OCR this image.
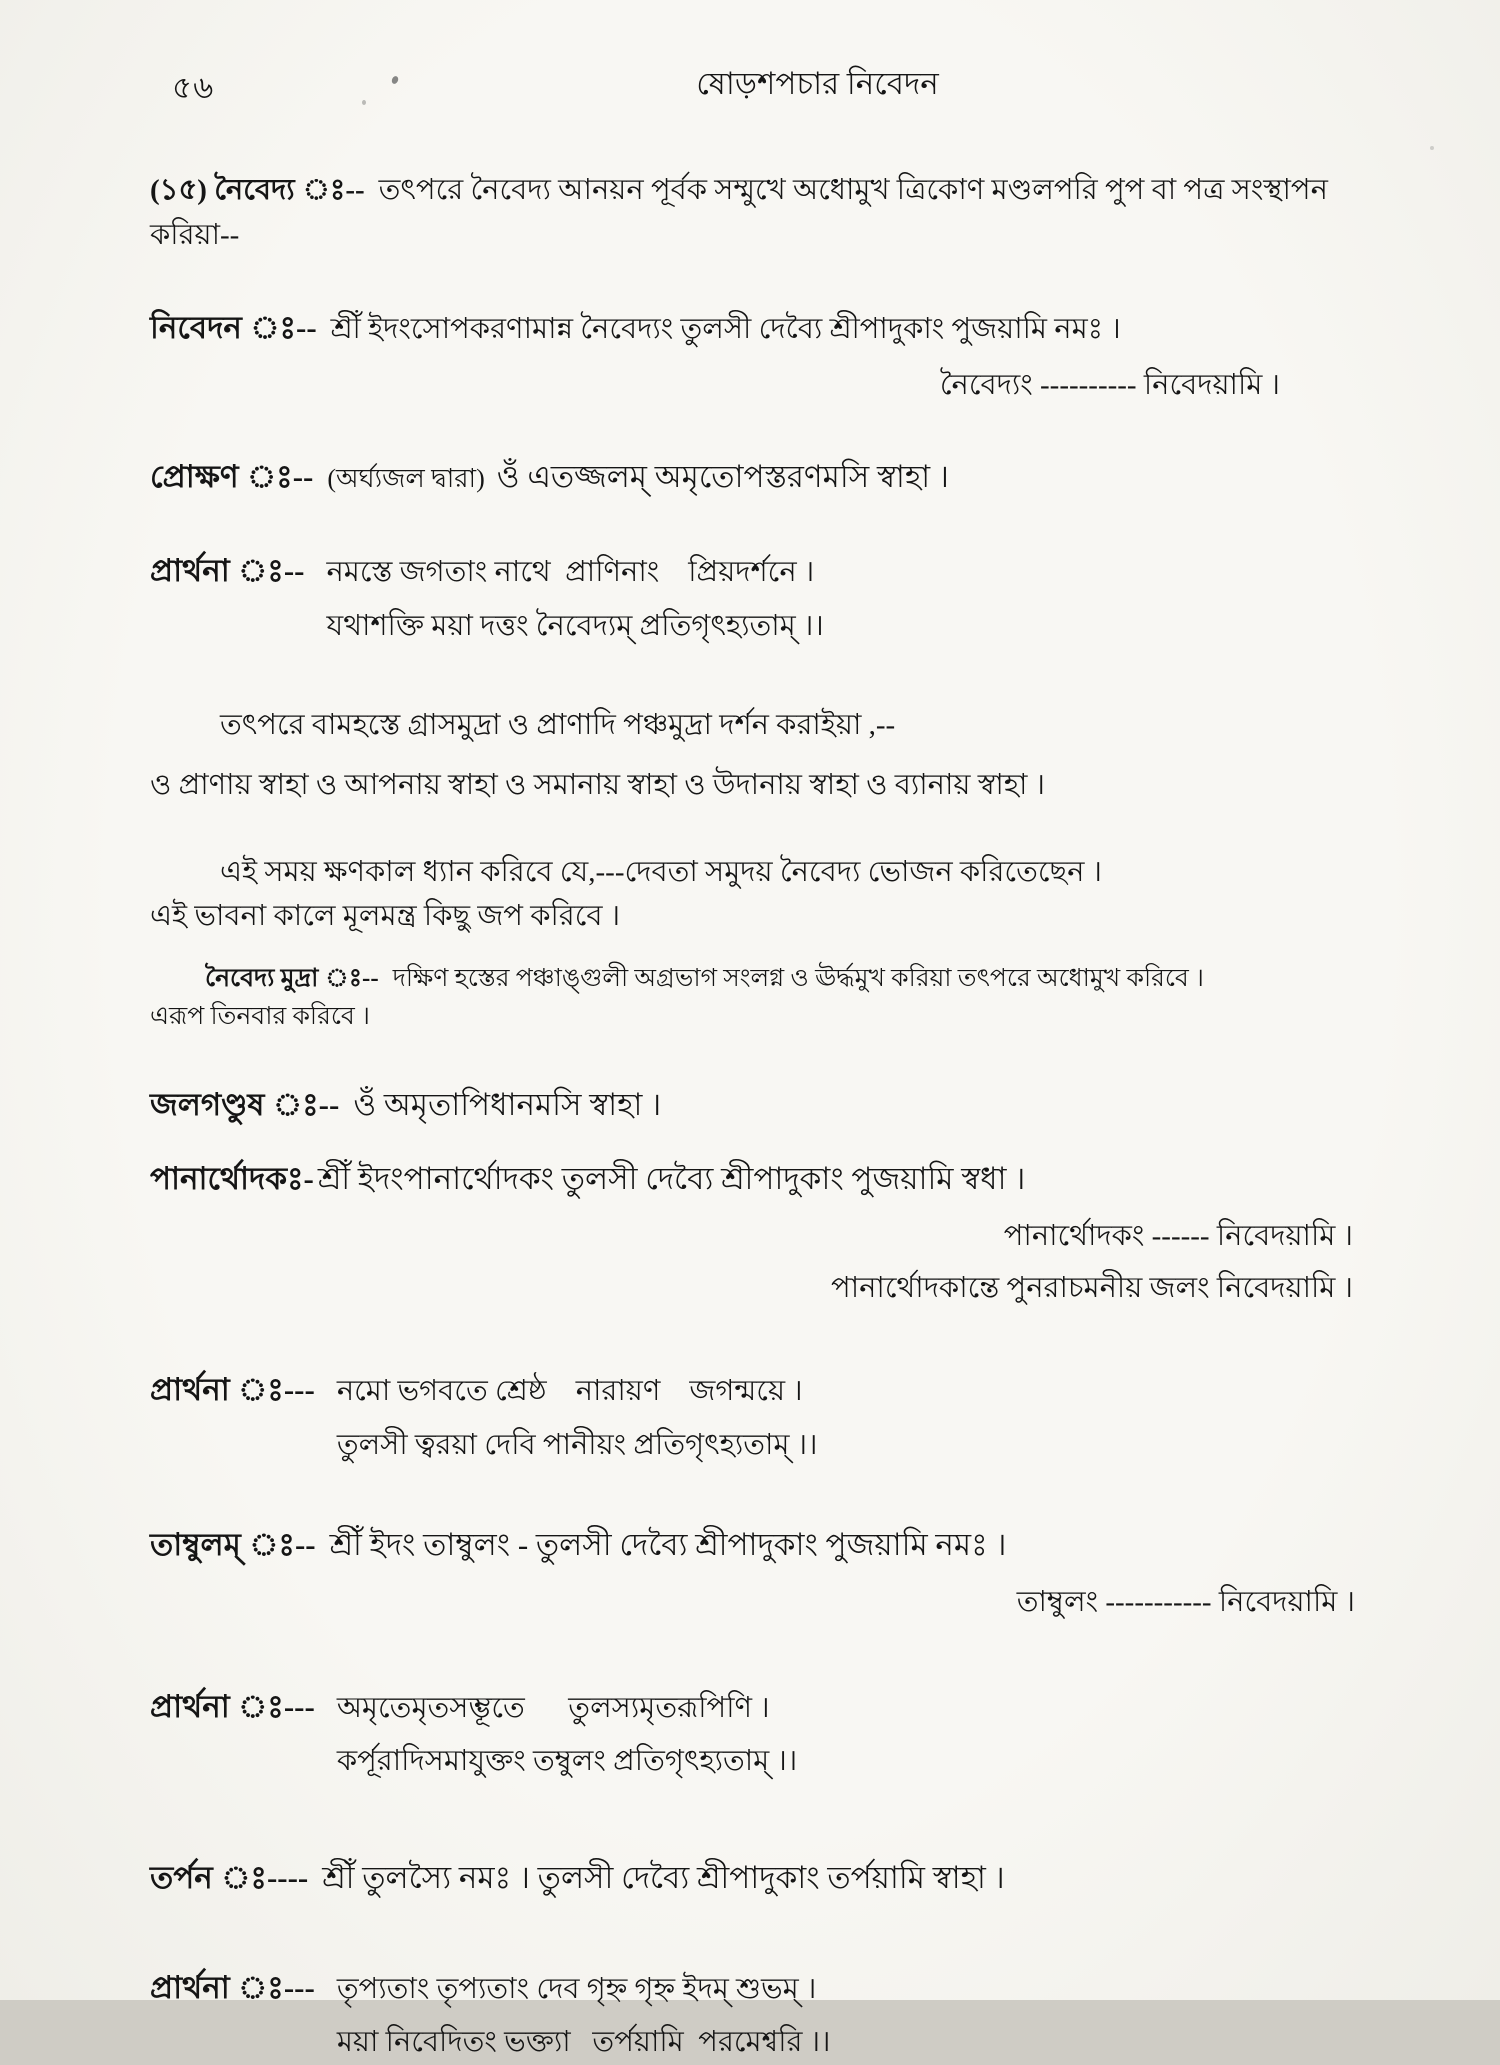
৫৬	ষোড়শপচার নিবেদন

(১৫) নৈবেদ্য ঃ-- তৎপরে নৈবেদ্য আনয়ন পূর্বক সম্মুখে অধোমুখ ত্রিকোণ মণ্ডলপরি পুপ বা পত্র সংস্থাপন করিয়া--

নিবেদন ঃ-- শ্রীঁ ইদংসোপকরণামান্ন নৈবেদ্যং তুলসী দেব্যৈ শ্রীপাদুকাং পুজয়ামি নমঃ ।
নৈবেদ্যং ---------- নিবেদয়ামি ।
প্রোক্ষণ ঃ-- (অর্ঘ্যজল দ্বারা) ওঁ এতজ্জলম্ অমৃতোপস্তরণমসি স্বাহা ।
প্রার্থনা ঃ-- নমস্তে জগতাং নাথে  প্রাণিনাং    প্রিয়দর্শনে ।
যথাশক্তি ময়া দত্তং নৈবেদ্যম্ প্রতিগৃৎহ্যতাম্ ।।
তৎপরে বামহস্তে গ্রাসমুদ্রা ও প্রাণাদি পঞ্চমুদ্রা দর্শন করাইয়া ,--
ও প্রাণায় স্বাহা ও আপনায় স্বাহা ও সমানায় স্বাহা ও উদানায় স্বাহা ও ব্যানায় স্বাহা ।
এই সময় ক্ষণকাল ধ্যান করিবে যে,---দেবতা সমুদয় নৈবেদ্য ভোজন করিতেছেন ।
এই ভাবনা কালে মূলমন্ত্র কিছু জপ করিবে ।
নৈবেদ্য মুদ্রা ঃ-- দক্ষিণ হস্তের পঞ্চাঙ্গুলী অগ্রভাগ সংলগ্ন ও ঊর্দ্ধমুখ করিয়া তৎপরে অধোমুখ করিবে ।
এরূপ তিনবার করিবে ।
জলগণ্ডুষ ঃ-- ওঁ অমৃতাপিধানমসি স্বাহা ।
পানার্থোদকঃ- শ্রীঁ ইদংপানার্থোদকং তুলসী দেব্যৈ শ্রীপাদুকাং পুজয়ামি স্বধা ।
পানার্থোদকং ------ নিবেদয়ামি ।
পানার্থোদকান্তে পুনরাচমনীয় জলং নিবেদয়ামি ।
প্রার্থনা ঃ--- নমো ভগবতে শ্রেষ্ঠ    নারায়ণ    জগন্ময়ে ।
তুলসী ত্বরয়া দেবি পানীয়ং প্রতিগৃৎহ্যতাম্ ।।
তাম্বুলম্ ঃ-- শ্রীঁ ইদং তাম্বুলং - তুলসী দেব্যৈ শ্রীপাদুকাং পুজয়ামি নমঃ ।
তাম্বুলং ----------- নিবেদয়ামি ।
প্রার্থনা ঃ--- অমৃতেমৃতসম্ভূতে      তুলস্যমৃতরূপিণি ।
কর্পূরাদিসমাযুক্তং তম্বুলং প্রতিগৃৎহ্যতাম্ ।।
তর্পন ঃ---- শ্রীঁ তুলস্যৈ নমঃ । তুলসী দেব্যৈ শ্রীপাদুকাং তর্পয়ামি স্বাহা ।
প্রার্থনা ঃ--- তৃপ্যতাং তৃপ্যতাং দেব গৃহ্ন গৃহ্ন ইদম্ শুভম্ ।
ময়া নিবেদিতং ভক্ত্যা   তর্পয়ামি  পরমেশ্বরি ।।
